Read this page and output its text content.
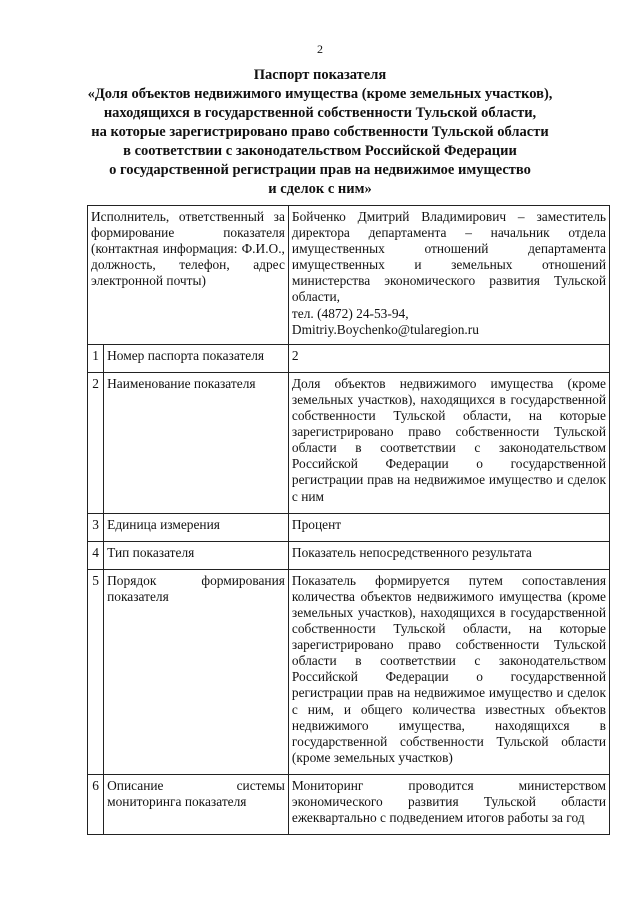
2
Паспорт показателя
«Доля объектов недвижимого имущества (кроме земельных участков),
находящихся в государственной собственности Тульской области,
на которые зарегистрировано право собственности Тульской области
в соответствии с законодательством Российской Федерации
о государственной регистрации прав на недвижимое имущество
и сделок с ним»
Исполнитель, ответственный за формирование показателя (контактная информация: Ф.И.О., должность, телефон, адрес электронной почты)		Бойченко Дмитрий Владимирович – заместитель директора департамента – начальник отдела имущественных отношений департамента имущественных и земельных отношений министерства экономического развития Тульской области,
тел. (4872) 24-53-94,
Dmitriy.Boychenko@tularegion.ru

1	Номер паспорта показателя	2
2	Наименование показателя	Доля объектов недвижимого имущества (кроме земельных участков), находящихся в государственной собственности Тульской области, на которые зарегистрировано право собственности Тульской области в соответствии с законодательством Российской Федерации о государственной регистрации прав на недвижимое имущество и сделок с ним
3	Единица измерения	Процент
4	Тип показателя	Показатель непосредственного результата
5	Порядок формирования показателя	Показатель формируется путем сопоставления количества объектов недвижимого имущества (кроме земельных участков), находящихся в государственной собственности Тульской области, на которые зарегистрировано право собственности Тульской области в соответствии с законодательством Российской Федерации о государственной регистрации прав на недвижимое имущество и сделок с ним, и общего количества известных объектов недвижимого имущества, находящихся в государственной собственности Тульской области (кроме земельных участков)
6	Описание системы мониторинга показателя	Мониторинг проводится министерством экономического развития Тульской области ежеквартально с подведением итогов работы за год
